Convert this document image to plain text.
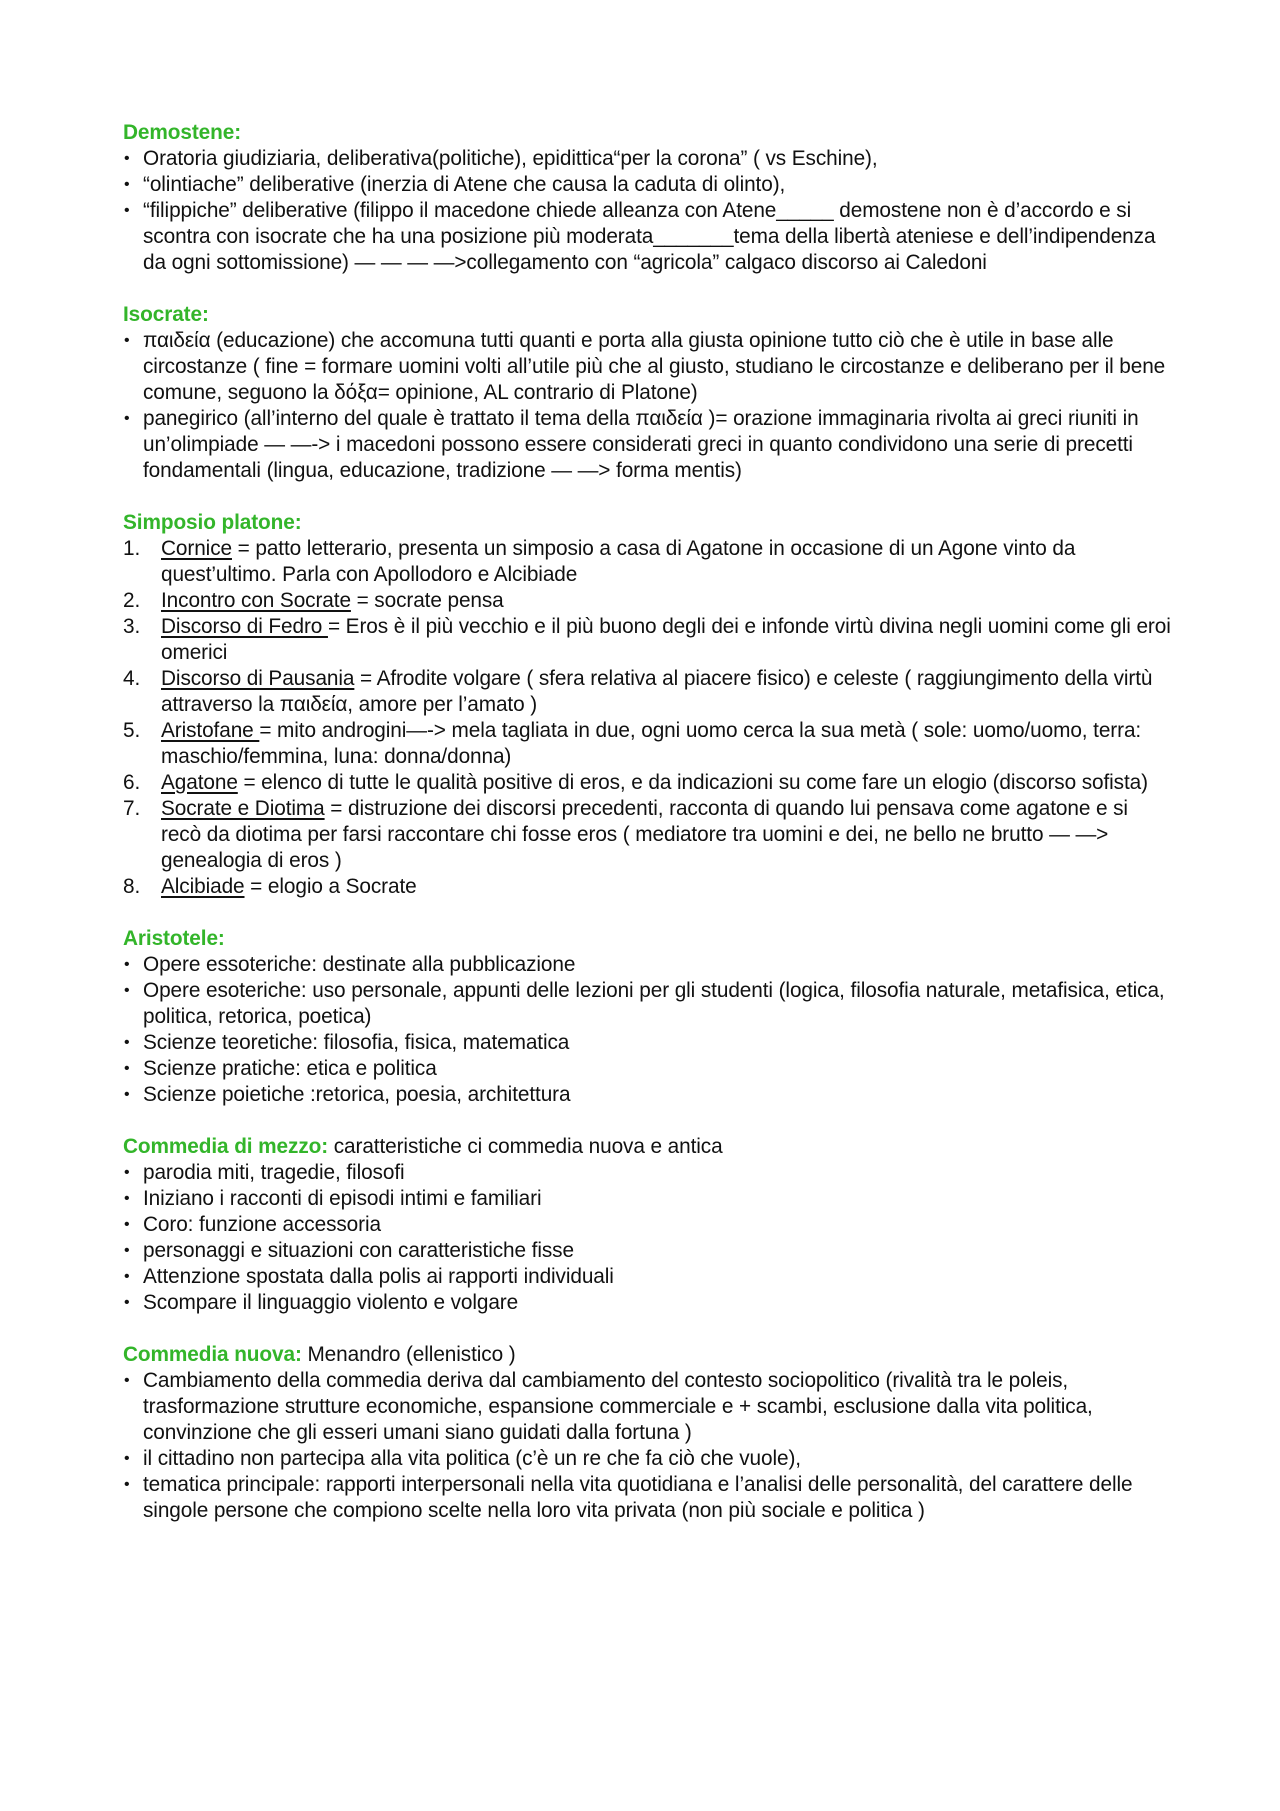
Demostene:
• Oratoria giudiziaria, deliberativa(politiche), epidittica“per la corona” ( vs Eschine),
• “olintiache” deliberative (inerzia di Atene che causa la caduta di olinto),
• “filippiche” deliberative (filippo il macedone chiede alleanza con Atene_____ demostene non è d’accordo e si scontra con isocrate che ha una posizione più moderata_______tema della libertà ateniese e dell’indipendenza da ogni sottomissione) — — — —>collegamento con “agricola” calgaco discorso ai Caledoni
Isocrate:
• παιδεία (educazione) che accomuna tutti quanti e porta alla giusta opinione tutto ciò che è utile in base alle circostanze ( fine = formare uomini volti all’utile più che al giusto, studiano le circostanze e deliberano per il bene comune, seguono la δόξα= opinione, AL contrario di Platone)
• panegirico (all’interno del quale è trattato il tema della παιδεία )= orazione immaginaria rivolta ai greci riuniti in un’olimpiade — —-> i macedoni possono essere considerati greci in quanto condividono una serie di precetti fondamentali (lingua, educazione, tradizione — —> forma mentis)
Simposio platone:
1. Cornice = patto letterario, presenta un simposio a casa di Agatone in occasione di un Agone vinto da quest’ultimo. Parla con Apollodoro e Alcibiade
2. Incontro con Socrate = socrate pensa
3. Discorso di Fedro = Eros è il più vecchio e il più buono degli dei e infonde virtù divina negli uomini come gli eroi omerici
4. Discorso di Pausania = Afrodite volgare ( sfera relativa al piacere fisico) e celeste ( raggiungimento della virtù attraverso la παιδεία, amore per l’amato )
5. Aristofane = mito androgini—-> mela tagliata in due, ogni uomo cerca la sua metà ( sole: uomo/uomo, terra: maschio/femmina, luna: donna/donna)
6. Agatone = elenco di tutte le qualità positive di eros, e da indicazioni su come fare un elogio (discorso sofista)
7. Socrate e Diotima = distruzione dei discorsi precedenti, racconta di quando lui pensava come agatone e si recò da diotima per farsi raccontare chi fosse eros ( mediatore tra uomini e dei, ne bello ne brutto — —> genealogia di eros )
8. Alcibiade = elogio a Socrate
Aristotele:
• Opere essoteriche: destinate alla pubblicazione
• Opere esoteriche: uso personale, appunti delle lezioni per gli studenti (logica, filosofia naturale, metafisica, etica, politica, retorica, poetica)
• Scienze teoretiche: filosofia, fisica, matematica
• Scienze pratiche: etica e politica
• Scienze poietiche :retorica, poesia, architettura
Commedia di mezzo: caratteristiche ci commedia nuova e antica
• parodia miti, tragedie, filosofi
• Iniziano i racconti di episodi intimi e familiari
• Coro: funzione accessoria
• personaggi e situazioni con caratteristiche fisse
• Attenzione spostata dalla polis ai rapporti individuali
• Scompare il linguaggio violento e volgare
Commedia nuova: Menandro (ellenistico )
• Cambiamento della commedia deriva dal cambiamento del contesto sociopolitico (rivalità tra le poleis, trasformazione strutture economiche, espansione commerciale e + scambi, esclusione dalla vita politica, convinzione che gli esseri umani siano guidati dalla fortuna )
• il cittadino non partecipa alla vita politica (c’è un re che fa ciò che vuole),
• tematica principale: rapporti interpersonali nella vita quotidiana e l’analisi delle personalità, del carattere delle singole persone che compiono scelte nella loro vita privata (non più sociale e politica )
